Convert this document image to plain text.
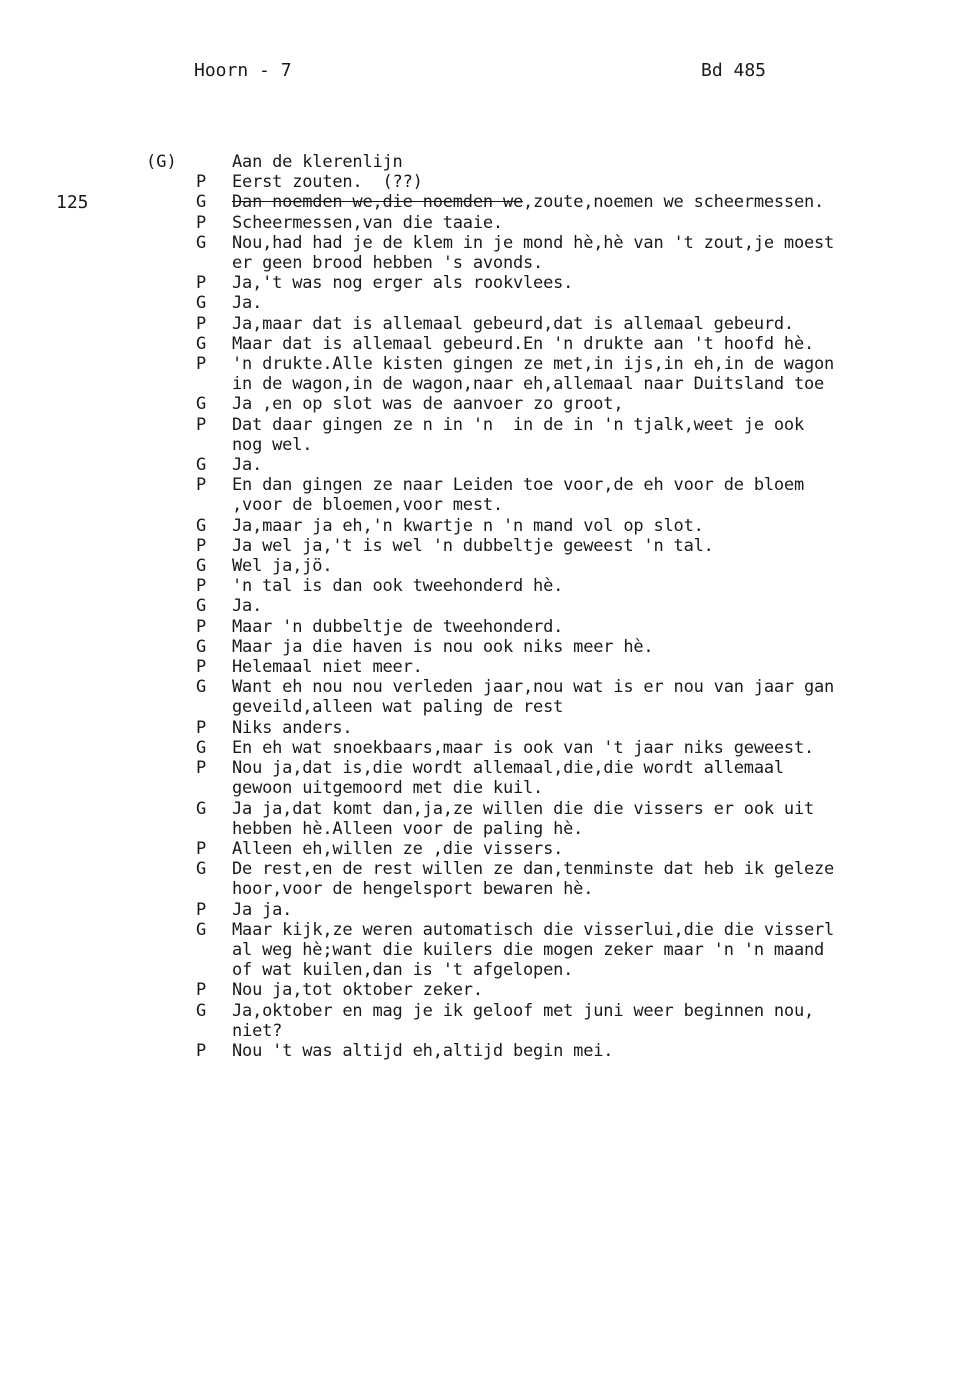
Hoorn - 7	Bd 485
125
(G)	Aan de klerenlijn
P	Eerst zouten.  (??)
G	Dan noemden we,die noemden we,zoute,noemen we scheermessen.
P	Scheermessen,van die taaie.
G	Nou,had had je de klem in je mond hè,hè van 't zout,je moest
er geen brood hebben 's avonds.
P	Ja,'t was nog erger als rookvlees.
G	Ja.
P	Ja,maar dat is allemaal gebeurd,dat is allemaal gebeurd.
G	Maar dat is allemaal gebeurd.En 'n drukte aan 't hoofd hè.
P	'n drukte.Alle kisten gingen ze met,in ijs,in eh,in de wagon
in de wagon,in de wagon,naar eh,allemaal naar Duitsland toe
G	Ja ,en op slot was de aanvoer zo groot,
P	Dat daar gingen ze n in 'n  in de in 'n tjalk,weet je ook
nog wel.
G	Ja.
P	En dan gingen ze naar Leiden toe voor,de eh voor de bloem
,voor de bloemen,voor mest.
G	Ja,maar ja eh,'n kwartje n 'n mand vol op slot.
P	Ja wel ja,'t is wel 'n dubbeltje geweest 'n tal.
G	Wel ja,jö.
P	'n tal is dan ook tweehonderd hè.
G	Ja.
P	Maar 'n dubbeltje de tweehonderd.
G	Maar ja die haven is nou ook niks meer hè.
P	Helemaal niet meer.
G	Want eh nou nou verleden jaar,nou wat is er nou van jaar gan
geveild,alleen wat paling de rest
P	Niks anders.
G	En eh wat snoekbaars,maar is ook van 't jaar niks geweest.
P	Nou ja,dat is,die wordt allemaal,die,die wordt allemaal
gewoon uitgemoord met die kuil.
G	Ja ja,dat komt dan,ja,ze willen die die vissers er ook uit
hebben hè.Alleen voor de paling hè.
P	Alleen eh,willen ze ,die vissers.
G	De rest,en de rest willen ze dan,tenminste dat heb ik geleze
hoor,voor de hengelsport bewaren hè.
P	Ja ja.
G	Maar kijk,ze weren automatisch die visserlui,die die visserl
al weg hè;want die kuilers die mogen zeker maar 'n 'n maand
of wat kuilen,dan is 't afgelopen.
P	Nou ja,tot oktober zeker.
G	Ja,oktober en mag je ik geloof met juni weer beginnen nou,
niet?
P	Nou 't was altijd eh,altijd begin mei.
